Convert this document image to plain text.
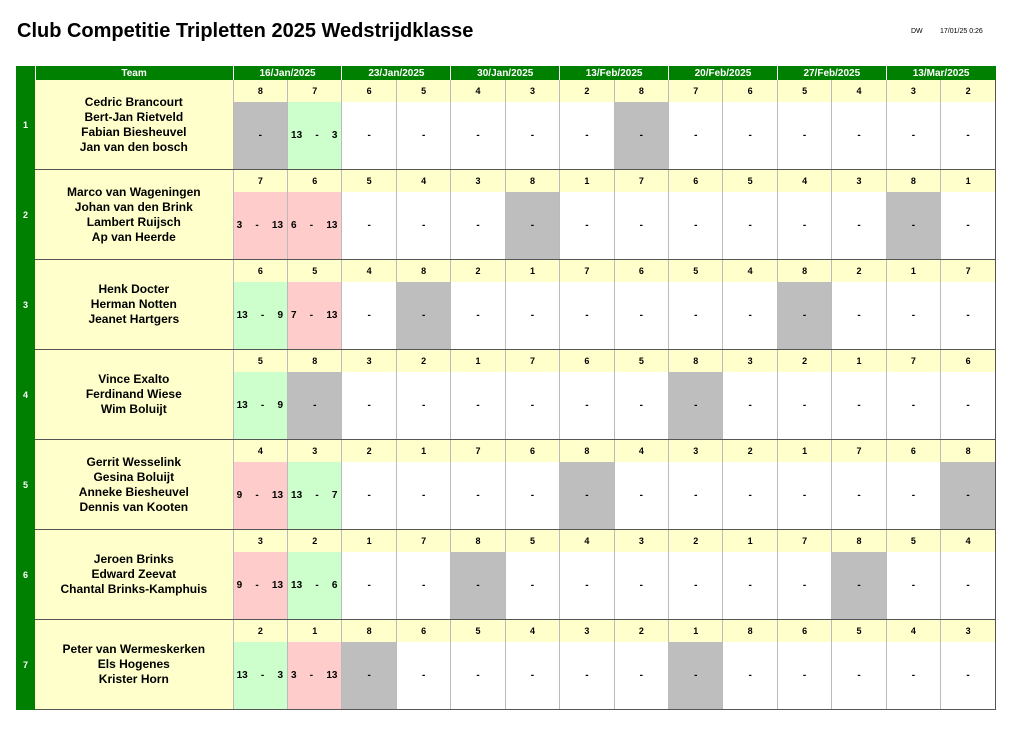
Club Competitie Tripletten 2025 Wedstrijdklasse	DW 17/01/25 0:26
	Team	16/Jan/2025		23/Jan/2025		30/Jan/2025		13/Feb/2025		20/Feb/2025		27/Feb/2025		13/Mar/2025	
1	Cedric Brancourt
Bert-Jan Rietveld
Fabian Biesheuvel
Jan van den bosch	8	7	6	5	4	3	2	8	7	6	5	4	3	2
		-	13 - 3	-	-	-	-	-	-	-	-	-	-	-	-
2	Marco van Wageningen
Johan van den Brink
Lambert Ruijsch
Ap van Heerde	7	6	5	4	3	8	1	7	6	5	4	3	8	1

		3 - 13	6 - 13	-	-	-	-	-	-	-	-	-	-	-	-
3	Henk Docter
Herman Notten
Jeanet Hartgers	6	5	4	8	2	1	7	6	5	4	8	2	1	7

		13 - 9	7 - 13	-	-	-	-	-	-	-	-	-	-	-	-
4	Vince Exalto
Ferdinand Wiese
Wim Boluijt	5	8	3	2	1	7	6	5	8	3	2	1	7	6

		13 - 9	-	-	-	-	-	-	-	-	-	-	-	-	-
5	Gerrit Wesselink
Gesina Boluijt
Anneke Biesheuvel
Dennis van Kooten	4	3	2	1	7	6	8	4	3	2	1	7	6	8

		9 - 13	13 - 7	-	-	-	-	-	-	-	-	-	-	-	-
6	Jeroen Brinks
Edward Zeevat
Chantal Brinks-Kamphuis	3	2	1	7	8	5	4	3	2	1	7	8	5	4

		9 - 13	13 - 6	-	-	-	-	-	-	-	-	-	-	-	-
7	Peter van Wermeskerken
Els Hogenes
Krister Horn	2	1	8	6	5	4	3	2	1	8	6	5	4	3

		13 - 3	3 - 13	-	-	-	-	-	-	-	-	-	-	-	-
